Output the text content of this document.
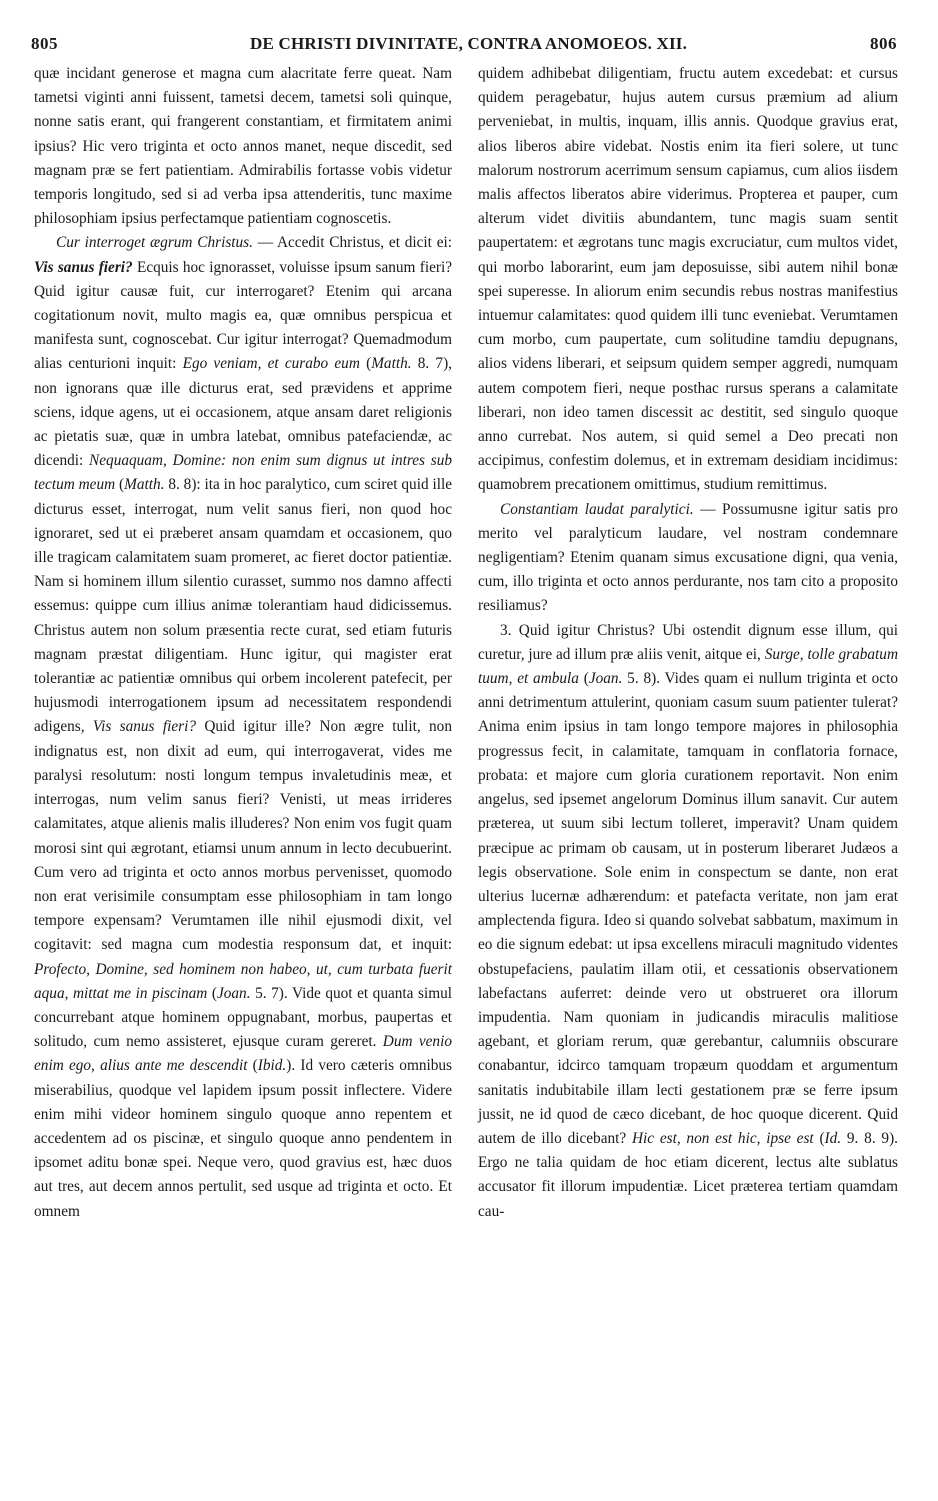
805	DE CHRISTI DIVINITATE, CONTRA ANOMOEOS. XII.	806

quæ incidant generose et magna cum alacritate ferre queat. Nam tametsi viginti anni fuissent, tametsi decem, tametsi soli quinque, nonne satis erant, qui frangerent constantiam, et firmitatem animi ipsius? Hic vero triginta et octo annos manet, neque discedit, sed magnam præ se fert patientiam. Admirabilis fortasse vobis videtur temporis longitudo, sed si ad verba ipsa attenderitis, tunc maxime philosophiam ipsius perfectamque patientiam cognoscetis.

Cur interroget ægrum Christus. — Accedit Christus, et dicit ei: Vis sanus fieri? Ecquis hoc ignorasset, voluisse ipsum sanum fieri? Quid igitur causæ fuit, cur interrogaret? Etenim qui arcana cogitationum novit, multo magis ea, quæ omnibus perspicua et manifesta sunt, cognoscebat. Cur igitur interrogat? Quemadmodum alias centurioni inquit: Ego veniam, et curabo eum (Matth. 8. 7), non ignorans quæ ille dicturus erat, sed prævidens et apprime sciens, idque agens, ut ei occasionem, atque ansam daret religionis ac pietatis suæ, quæ in umbra latebat, omnibus patefaciendæ, ac dicendi: Nequaquam, Domine: non enim sum dignus ut intres sub tectum meum (Matth. 8. 8): ita in hoc paralytico, cum sciret quid ille dicturus esset, interrogat, num velit sanus fieri, non quod hoc ignoraret, sed ut ei præberet ansam quamdam et occasionem, quo ille tragicam calamitatem suam promeret, ac fieret doctor patientiæ. Nam si hominem illum silentio curasset, summo nos damno affecti essemus: quippe cum illius animæ tolerantiam haud didicissemus. Christus autem non solum præsentia recte curat, sed etiam futuris magnam præstat diligentiam. Hunc igitur, qui magister erat tolerantiæ ac patientiæ omnibus qui orbem incolerent patefecit, per hujusmodi interrogationem ipsum ad necessitatem respondendi adigens, Vis sanus fieri? Quid igitur ille? Non ægre tulit, non indignatus est, non dixit ad eum, qui interrogaverat, vides me paralysi resolutum: nosti longum tempus invaletudinis meæ, et interrogas, num velim sanus fieri? Venisti, ut meas irrideres calamitates, atque alienis malis illuderes? Non enim vos fugit quam morosi sint qui ægrotant, etiamsi unum annum in lecto decubuerint. Cum vero ad triginta et octo annos morbus pervenisset, quomodo non erat verisimile consumptam esse philosophiam in tam longo tempore expensam? Verumtamen ille nihil ejusmodi dixit, vel cogitavit: sed magna cum modestia responsum dat, et inquit: Profecto, Domine, sed hominem non habeo, ut, cum turbata fuerit aqua, mittat me in piscinam (Joan. 5. 7). Vide quot et quanta simul concurrebant atque hominem oppugnabant, morbus, paupertas et solitudo, cum nemo assisteret, ejusque curam gereret. Dum venio enim ego, alius ante me descendit (Ibid.). Id vero cæteris omnibus miserabilius, quodque vel lapidem ipsum possit inflectere. Videre enim mihi videor hominem singulo quoque anno repentem et accedentem ad os piscinæ, et singulo quoque anno pendentem in ipsomet aditu bonæ spei. Neque vero, quod gravius est, hæc duos aut tres, aut decem annos pertulit, sed usque ad triginta et octo. Et omnem

quidem adhibebat diligentiam, fructu autem excedebat: et cursus quidem peragebatur, hujus autem cursus præmium ad alium perveniebat, in multis, inquam, illis annis. Quodque gravius erat, alios liberos abire videbat. Nostis enim ita fieri solere, ut tunc malorum nostrorum acerrimum sensum capiamus, cum alios iisdem malis affectos liberatos abire viderimus. Propterea et pauper, cum alterum videt divitiis abundantem, tunc magis suam sentit paupertatem: et ægrotans tunc magis excruciatur, cum multos videt, qui morbo laborarint, eum jam deposuisse, sibi autem nihil bonæ spei superesse. In aliorum enim secundis rebus nostras manifestius intuemur calamitates: quod quidem illi tunc eveniebat. Verumtamen cum morbo, cum paupertate, cum solitudine tamdiu depugnans, alios videns liberari, et seipsum quidem semper aggredi, numquam autem compotem fieri, neque posthac rursus sperans a calamitate liberari, non ideo tamen discessit ac destitit, sed singulo quoque anno currebat. Nos autem, si quid semel a Deo precati non accipimus, confestim dolemus, et in extremam desidiam incidimus: quamobrem precationem omittimus, studium remittimus.

Constantiam laudat paralytici. — Possumusne igitur satis pro merito vel paralyticum laudare, vel nostram condemnare negligentiam? Etenim quanam simus excusatione digni, qua venia, cum, illo triginta et octo annos perdurante, nos tam cito a proposito resiliamus?

3. Quid igitur Christus? Ubi ostendit dignum esse illum, qui curetur, jure ad illum præ aliis venit, aitque ei, Surge, tolle grabatum tuum, et ambula (Joan. 5. 8). Vides quam ei nullum triginta et octo anni detrimentum attulerint, quoniam casum suum patienter tulerat? Anima enim ipsius in tam longo tempore majores in philosophia progressus fecit, in calamitate, tamquam in conflatoria fornace, probata: et majore cum gloria curationem reportavit. Non enim angelus, sed ipsemet angelorum Dominus illum sanavit. Cur autem præterea, ut suum sibi lectum tolleret, imperavit? Unam quidem præcipue ac primam ob causam, ut in posterum liberaret Judæos a legis observatione. Sole enim in conspectum se dante, non erat ulterius lucernæ adhærendum: et patefacta veritate, non jam erat amplectenda figura. Ideo si quando solvebat sabbatum, maximum in eo die signum edebat: ut ipsa excellens miraculi magnitudo videntes obstupefaciens, paulatim illam otii, et cessationis observationem labefactans auferret: deinde vero ut obstrueret ora illorum impudentia. Nam quoniam in judicandis miraculis malitiose agebant, et gloriam rerum, quæ gerebantur, calumniis obscurare conabantur, idcirco tamquam tropæum quoddam et argumentum sanitatis indubitabile illam lecti gestationem præ se ferre ipsum jussit, ne id quod de cæco dicebant, de hoc quoque dicerent. Quid autem de illo dicebant? Hic est, non est hic, ipse est (Id. 9. 8. 9). Ergo ne talia quidam de hoc etiam dicerent, lectus alte sublatus accusator fit illorum impudentiæ. Licet præterea tertiam quamdam cau-
